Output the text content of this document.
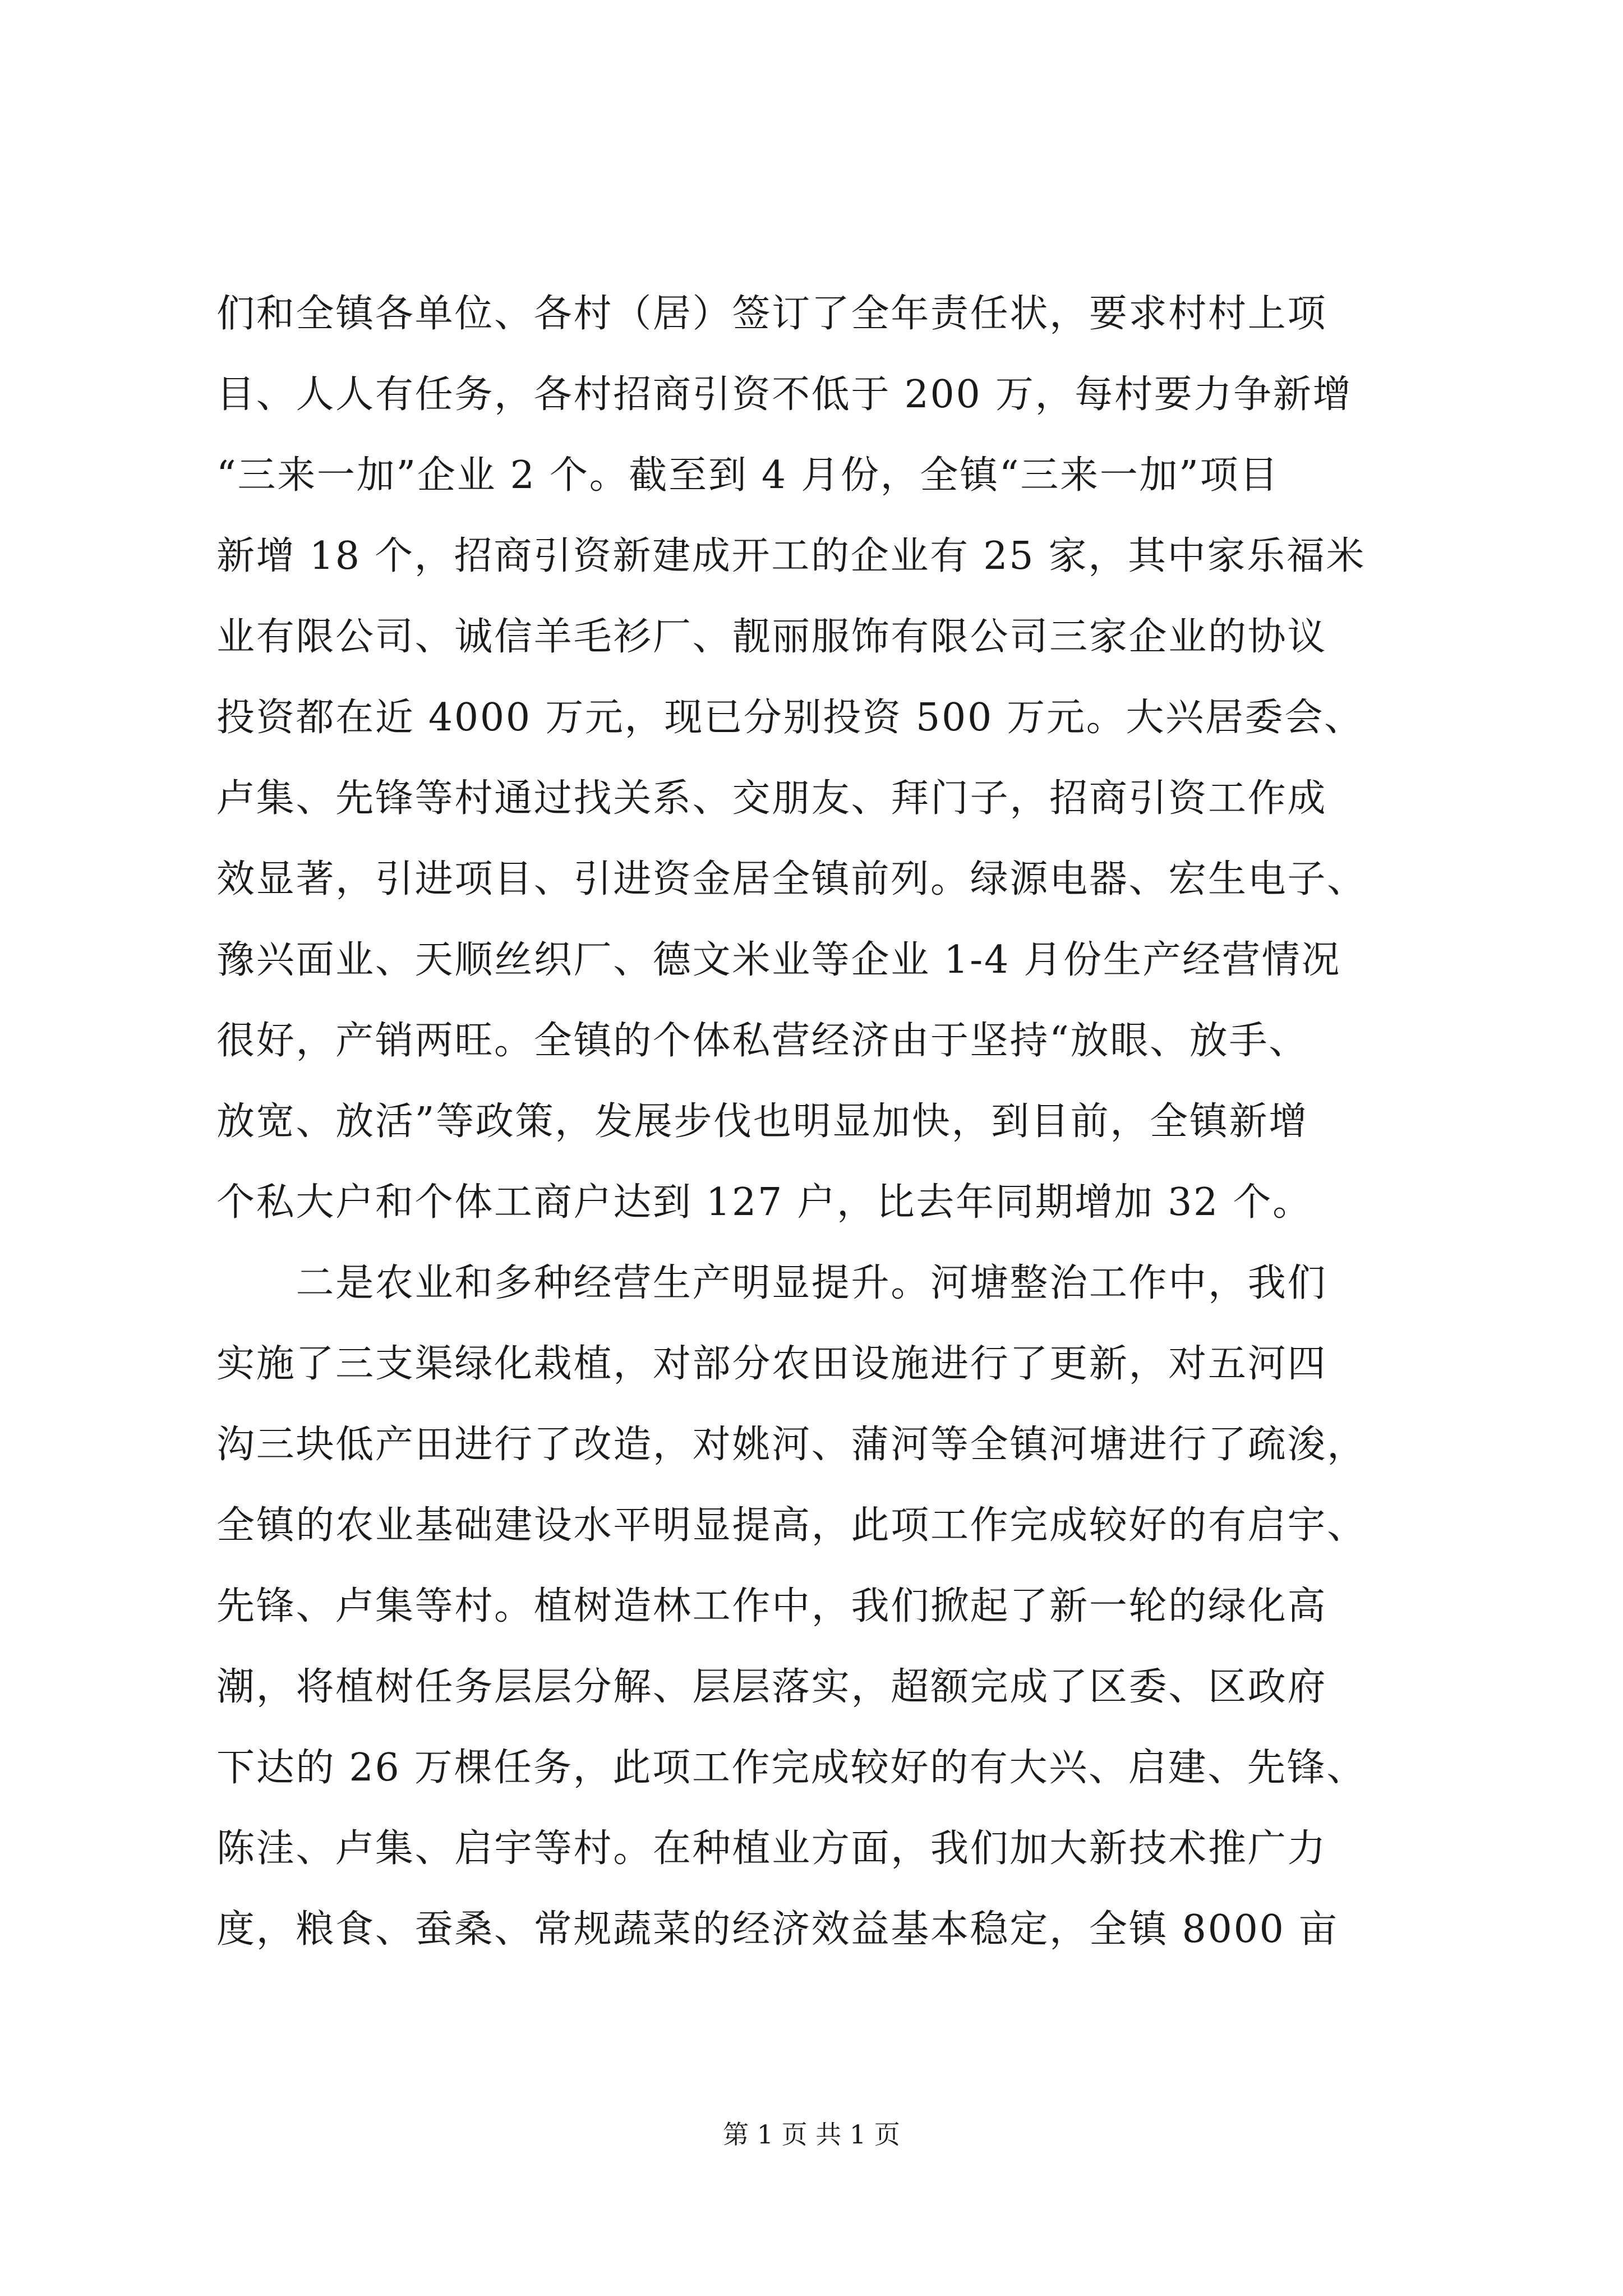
们和全镇各单位、各村（居）签订了全年责任状，要求村村上项
目、人人有任务，各村招商引资不低于 200 万，每村要力争新增
“三来一加”企业 2 个。截至到 4 月份，全镇“三来一加”项目
新增 18 个，招商引资新建成开工的企业有 25 家，其中家乐福米
业有限公司、诚信羊毛衫厂、靓丽服饰有限公司三家企业的协议
投资都在近 4000 万元，现已分别投资 500 万元。大兴居委会、
卢集、先锋等村通过找关系、交朋友、拜门子，招商引资工作成
效显著，引进项目、引进资金居全镇前列。绿源电器、宏生电子、
豫兴面业、天顺丝织厂、德文米业等企业 1-4 月份生产经营情况
很好，产销两旺。全镇的个体私营经济由于坚持“放眼、放手、
放宽、放活”等政策，发展步伐也明显加快，到目前，全镇新增
个私大户和个体工商户达到 127 户，比去年同期增加 32 个。
　　二是农业和多种经营生产明显提升。河塘整治工作中，我们
实施了三支渠绿化栽植，对部分农田设施进行了更新，对五河四
沟三块低产田进行了改造，对姚河、蒲河等全镇河塘进行了疏浚，
全镇的农业基础建设水平明显提高，此项工作完成较好的有启宇、
先锋、卢集等村。植树造林工作中，我们掀起了新一轮的绿化高
潮，将植树任务层层分解、层层落实，超额完成了区委、区政府
下达的 26 万棵任务，此项工作完成较好的有大兴、启建、先锋、
陈洼、卢集、启宇等村。在种植业方面，我们加大新技术推广力
度，粮食、蚕桑、常规蔬菜的经济效益基本稳定，全镇 8000 亩
第 1 页 共 1 页
